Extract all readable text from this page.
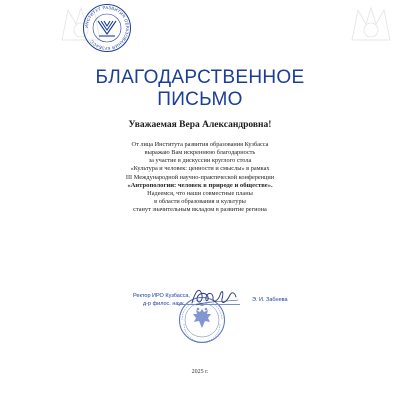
ИНСТИТУТ РАЗВИТИЯ ОБРАЗОВАНИЯ КУЗБАСС
БЛАГОДАРСТВЕННОЕ
ПИСЬМО
Уважаемая Вера Александровна!
От лица Института развития образования Кузбасса
выражаю Вам искреннюю благодарность
за участие в дискуссии круглого стола
«Культура и человек: ценности и смыслы» в рамках
III Международной научно-практической конференции
«Антропологии: человек в природе и обществе».
Надеемся, что наши совместные планы
в области образования и культуры
станут значительным вкладом в развитие региона
Ректор ИРО Кузбасса,
д-р филос. наук
Э. И. Забнева
2025 г.
